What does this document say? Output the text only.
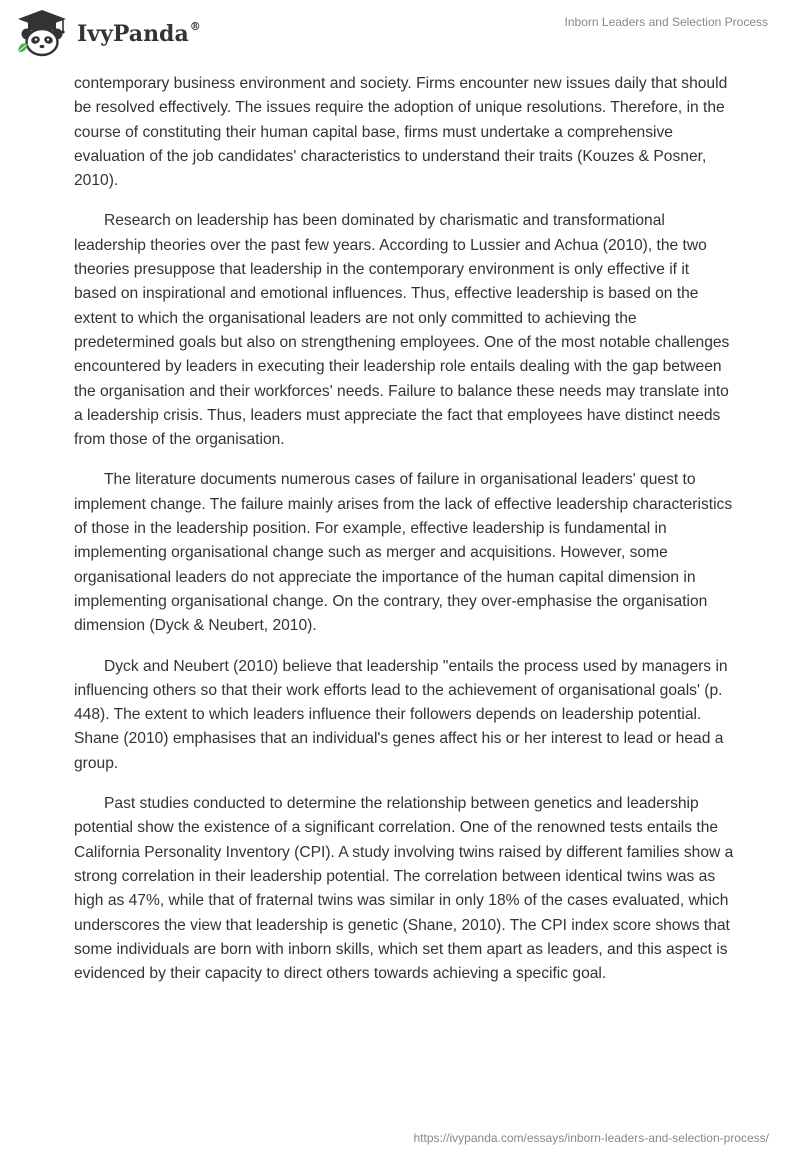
IvyPanda®	Inborn Leaders and Selection Process

contemporary business environment and society. Firms encounter new issues daily that should be resolved effectively. The issues require the adoption of unique resolutions. Therefore, in the course of constituting their human capital base, firms must undertake a comprehensive evaluation of the job candidates' characteristics to understand their traits (Kouzes & Posner, 2010).

Research on leadership has been dominated by charismatic and transformational leadership theories over the past few years. According to Lussier and Achua (2010), the two theories presuppose that leadership in the contemporary environment is only effective if it based on inspirational and emotional influences. Thus, effective leadership is based on the extent to which the organisational leaders are not only committed to achieving the predetermined goals but also on strengthening employees. One of the most notable challenges encountered by leaders in executing their leadership role entails dealing with the gap between the organisation and their workforces' needs. Failure to balance these needs may translate into a leadership crisis. Thus, leaders must appreciate the fact that employees have distinct needs from those of the organisation.

The literature documents numerous cases of failure in organisational leaders' quest to implement change. The failure mainly arises from the lack of effective leadership characteristics of those in the leadership position. For example, effective leadership is fundamental in implementing organisational change such as merger and acquisitions. However, some organisational leaders do not appreciate the importance of the human capital dimension in implementing organisational change. On the contrary, they over-emphasise the organisation dimension (Dyck & Neubert, 2010).

Dyck and Neubert (2010) believe that leadership "entails the process used by managers in influencing others so that their work efforts lead to the achievement of organisational goals' (p. 448). The extent to which leaders influence their followers depends on leadership potential. Shane (2010) emphasises that an individual's genes affect his or her interest to lead or head a group.

Past studies conducted to determine the relationship between genetics and leadership potential show the existence of a significant correlation. One of the renowned tests entails the California Personality Inventory (CPI). A study involving twins raised by different families show a strong correlation in their leadership potential. The correlation between identical twins was as high as 47%, while that of fraternal twins was similar in only 18% of the cases evaluated, which underscores the view that leadership is genetic (Shane, 2010). The CPI index score shows that some individuals are born with inborn skills, which set them apart as leaders, and this aspect is evidenced by their capacity to direct others towards achieving a specific goal.

https://ivypanda.com/essays/inborn-leaders-and-selection-process/
